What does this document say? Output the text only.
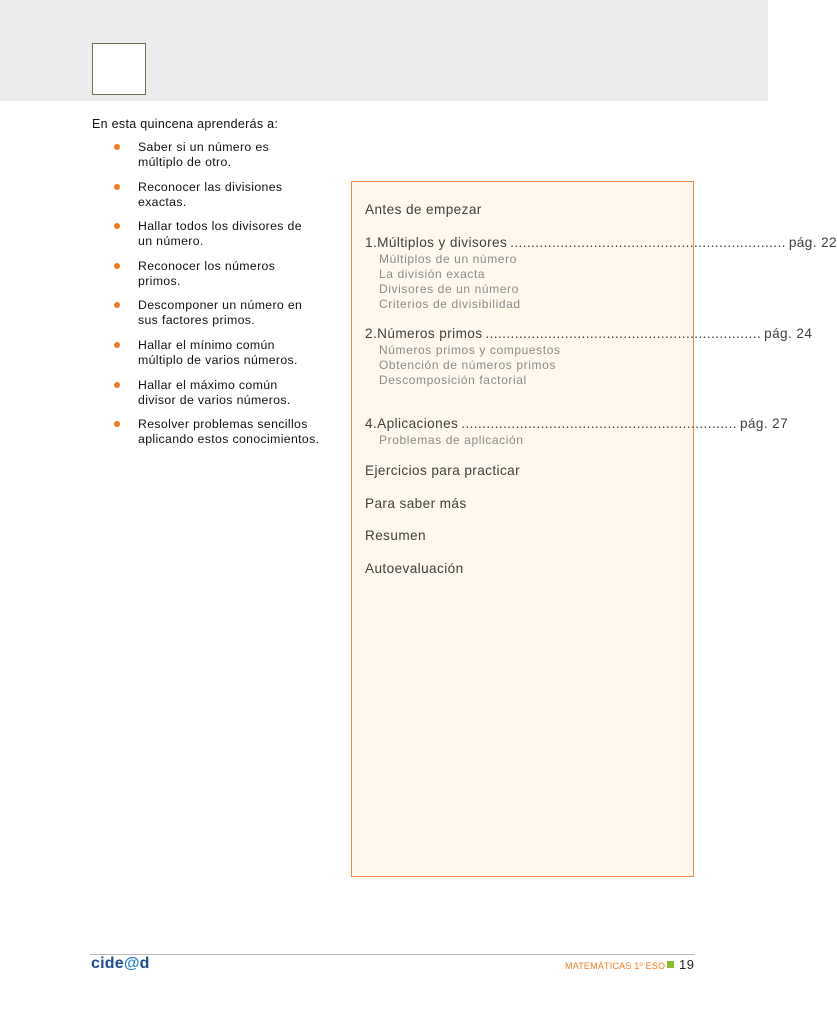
En esta quincena aprenderás a:
Saber si un número es
múltiplo de otro.
Reconocer las divisiones
exactas.
Hallar todos los divisores de
un número.
Reconocer los números
primos.
Descomponer un número en
sus factores primos.
Hallar el mínimo común
múltiplo de varios números.
Hallar el máximo común
divisor de varios números.
Resolver problemas sencillos
aplicando estos conocimientos.
Antes de empezar
1.Múltiplos y divisores .................................................................. pág. 22
Múltiplos de un número
La división exacta
Divisores de un número
Criterios de divisibilidad
2.Números primos .................................................................. pág. 24
Números primos y compuestos
Obtención de números primos
Descomposición factorial
4.Aplicaciones .................................................................. pág. 27
Problemas de aplicación
Ejercicios para practicar
Para saber más
Resumen
Autoevaluación
cide@d	MATEMÁTICAS 1º ESO 19
